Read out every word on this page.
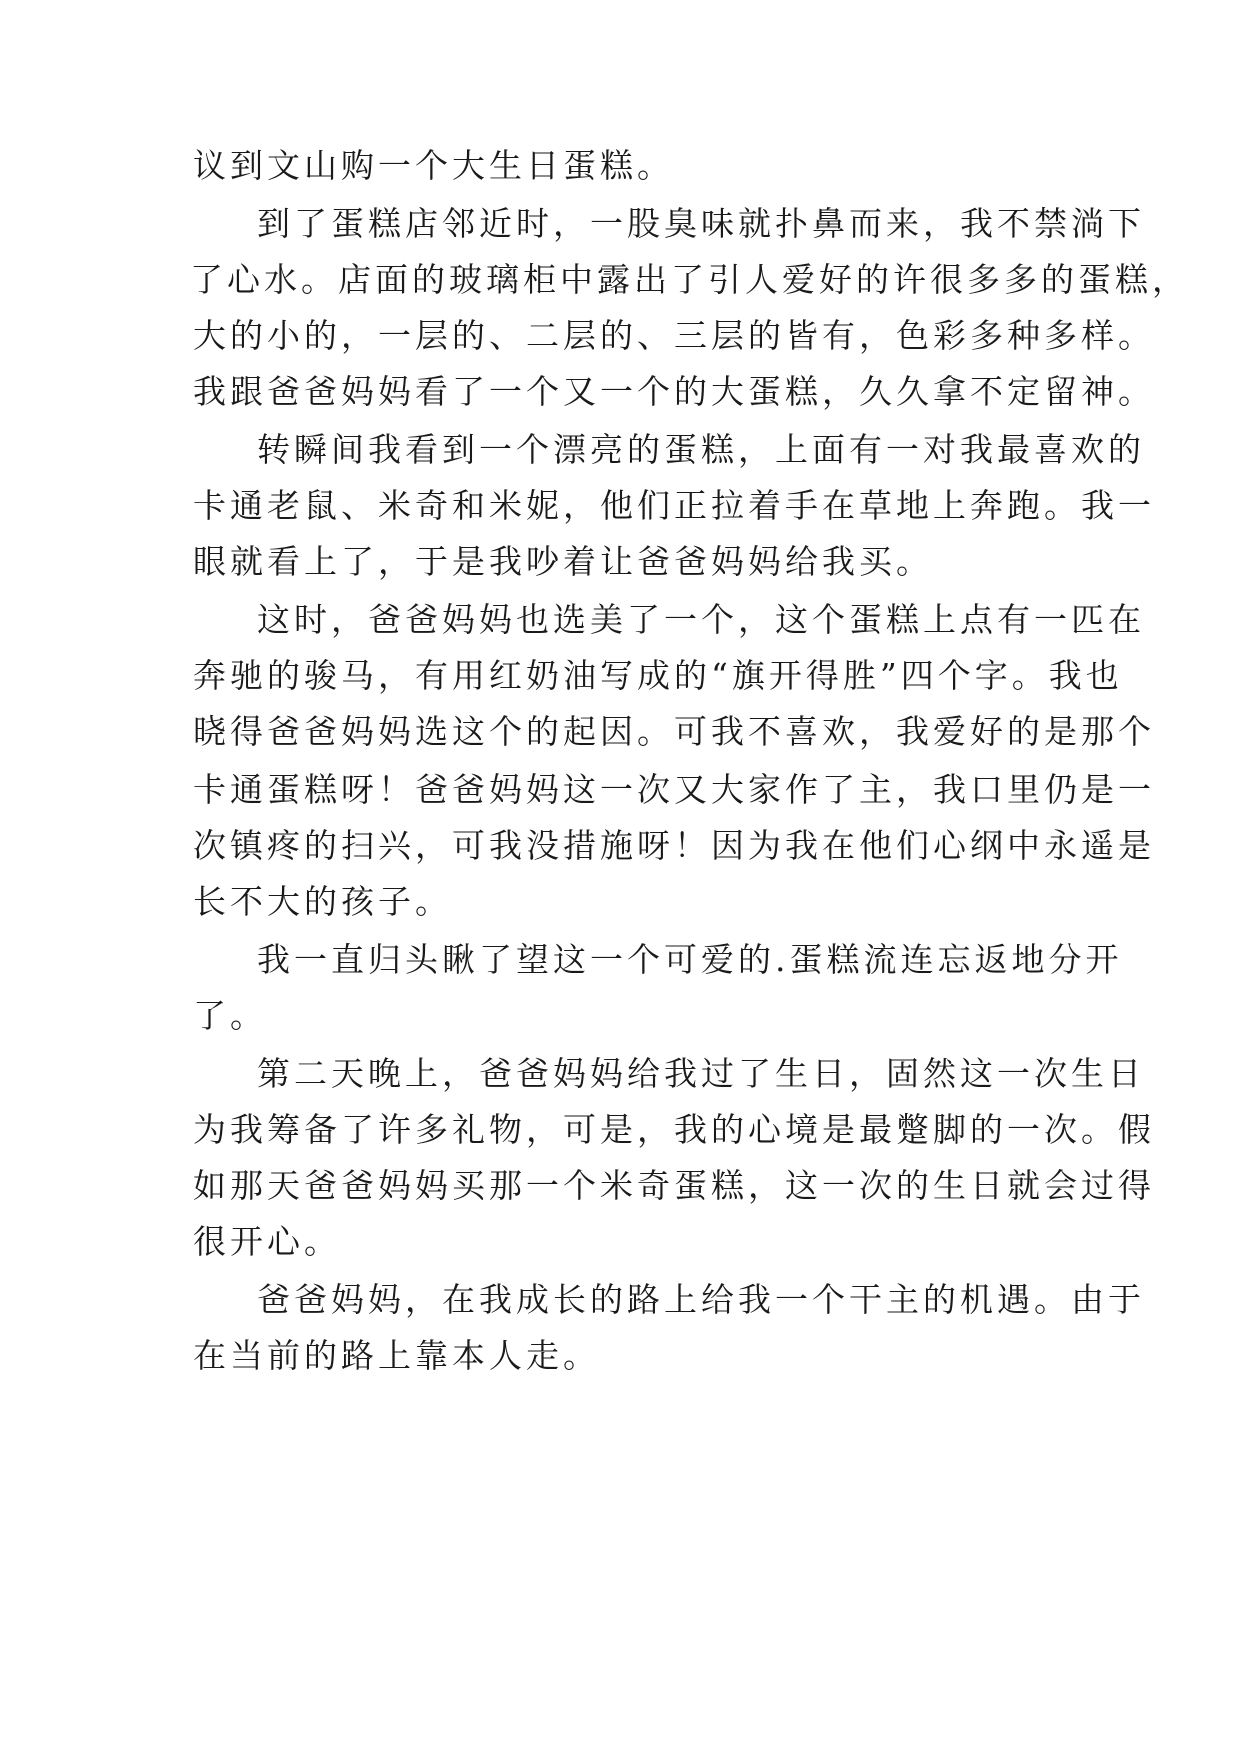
议到文山购一个大生日蛋糕。
到了蛋糕店邻近时，一股臭味就扑鼻而来，我不禁淌下
了心水。店面的玻璃柜中露出了引人爱好的许很多多的蛋糕，
大的小的，一层的、二层的、三层的皆有，色彩多种多样。
我跟爸爸妈妈看了一个又一个的大蛋糕，久久拿不定留神。
转瞬间我看到一个漂亮的蛋糕，上面有一对我最喜欢的
卡通老鼠、米奇和米妮，他们正拉着手在草地上奔跑。我一
眼就看上了，于是我吵着让爸爸妈妈给我买。
这时，爸爸妈妈也选美了一个，这个蛋糕上点有一匹在
奔驰的骏马，有用红奶油写成的“旗开得胜”四个字。我也
晓得爸爸妈妈选这个的起因。可我不喜欢，我爱好的是那个
卡通蛋糕呀！爸爸妈妈这一次又大家作了主，我口里仍是一
次镇疼的扫兴，可我没措施呀！因为我在他们心纲中永遥是
长不大的孩子。
我一直归头瞅了望这一个可爱的.蛋糕流连忘返地分开
了。
第二天晚上，爸爸妈妈给我过了生日，固然这一次生日
为我筹备了许多礼物，可是，我的心境是最蹩脚的一次。假
如那天爸爸妈妈买那一个米奇蛋糕，这一次的生日就会过得
很开心。
爸爸妈妈，在我成长的路上给我一个干主的机遇。由于
在当前的路上靠本人走。
